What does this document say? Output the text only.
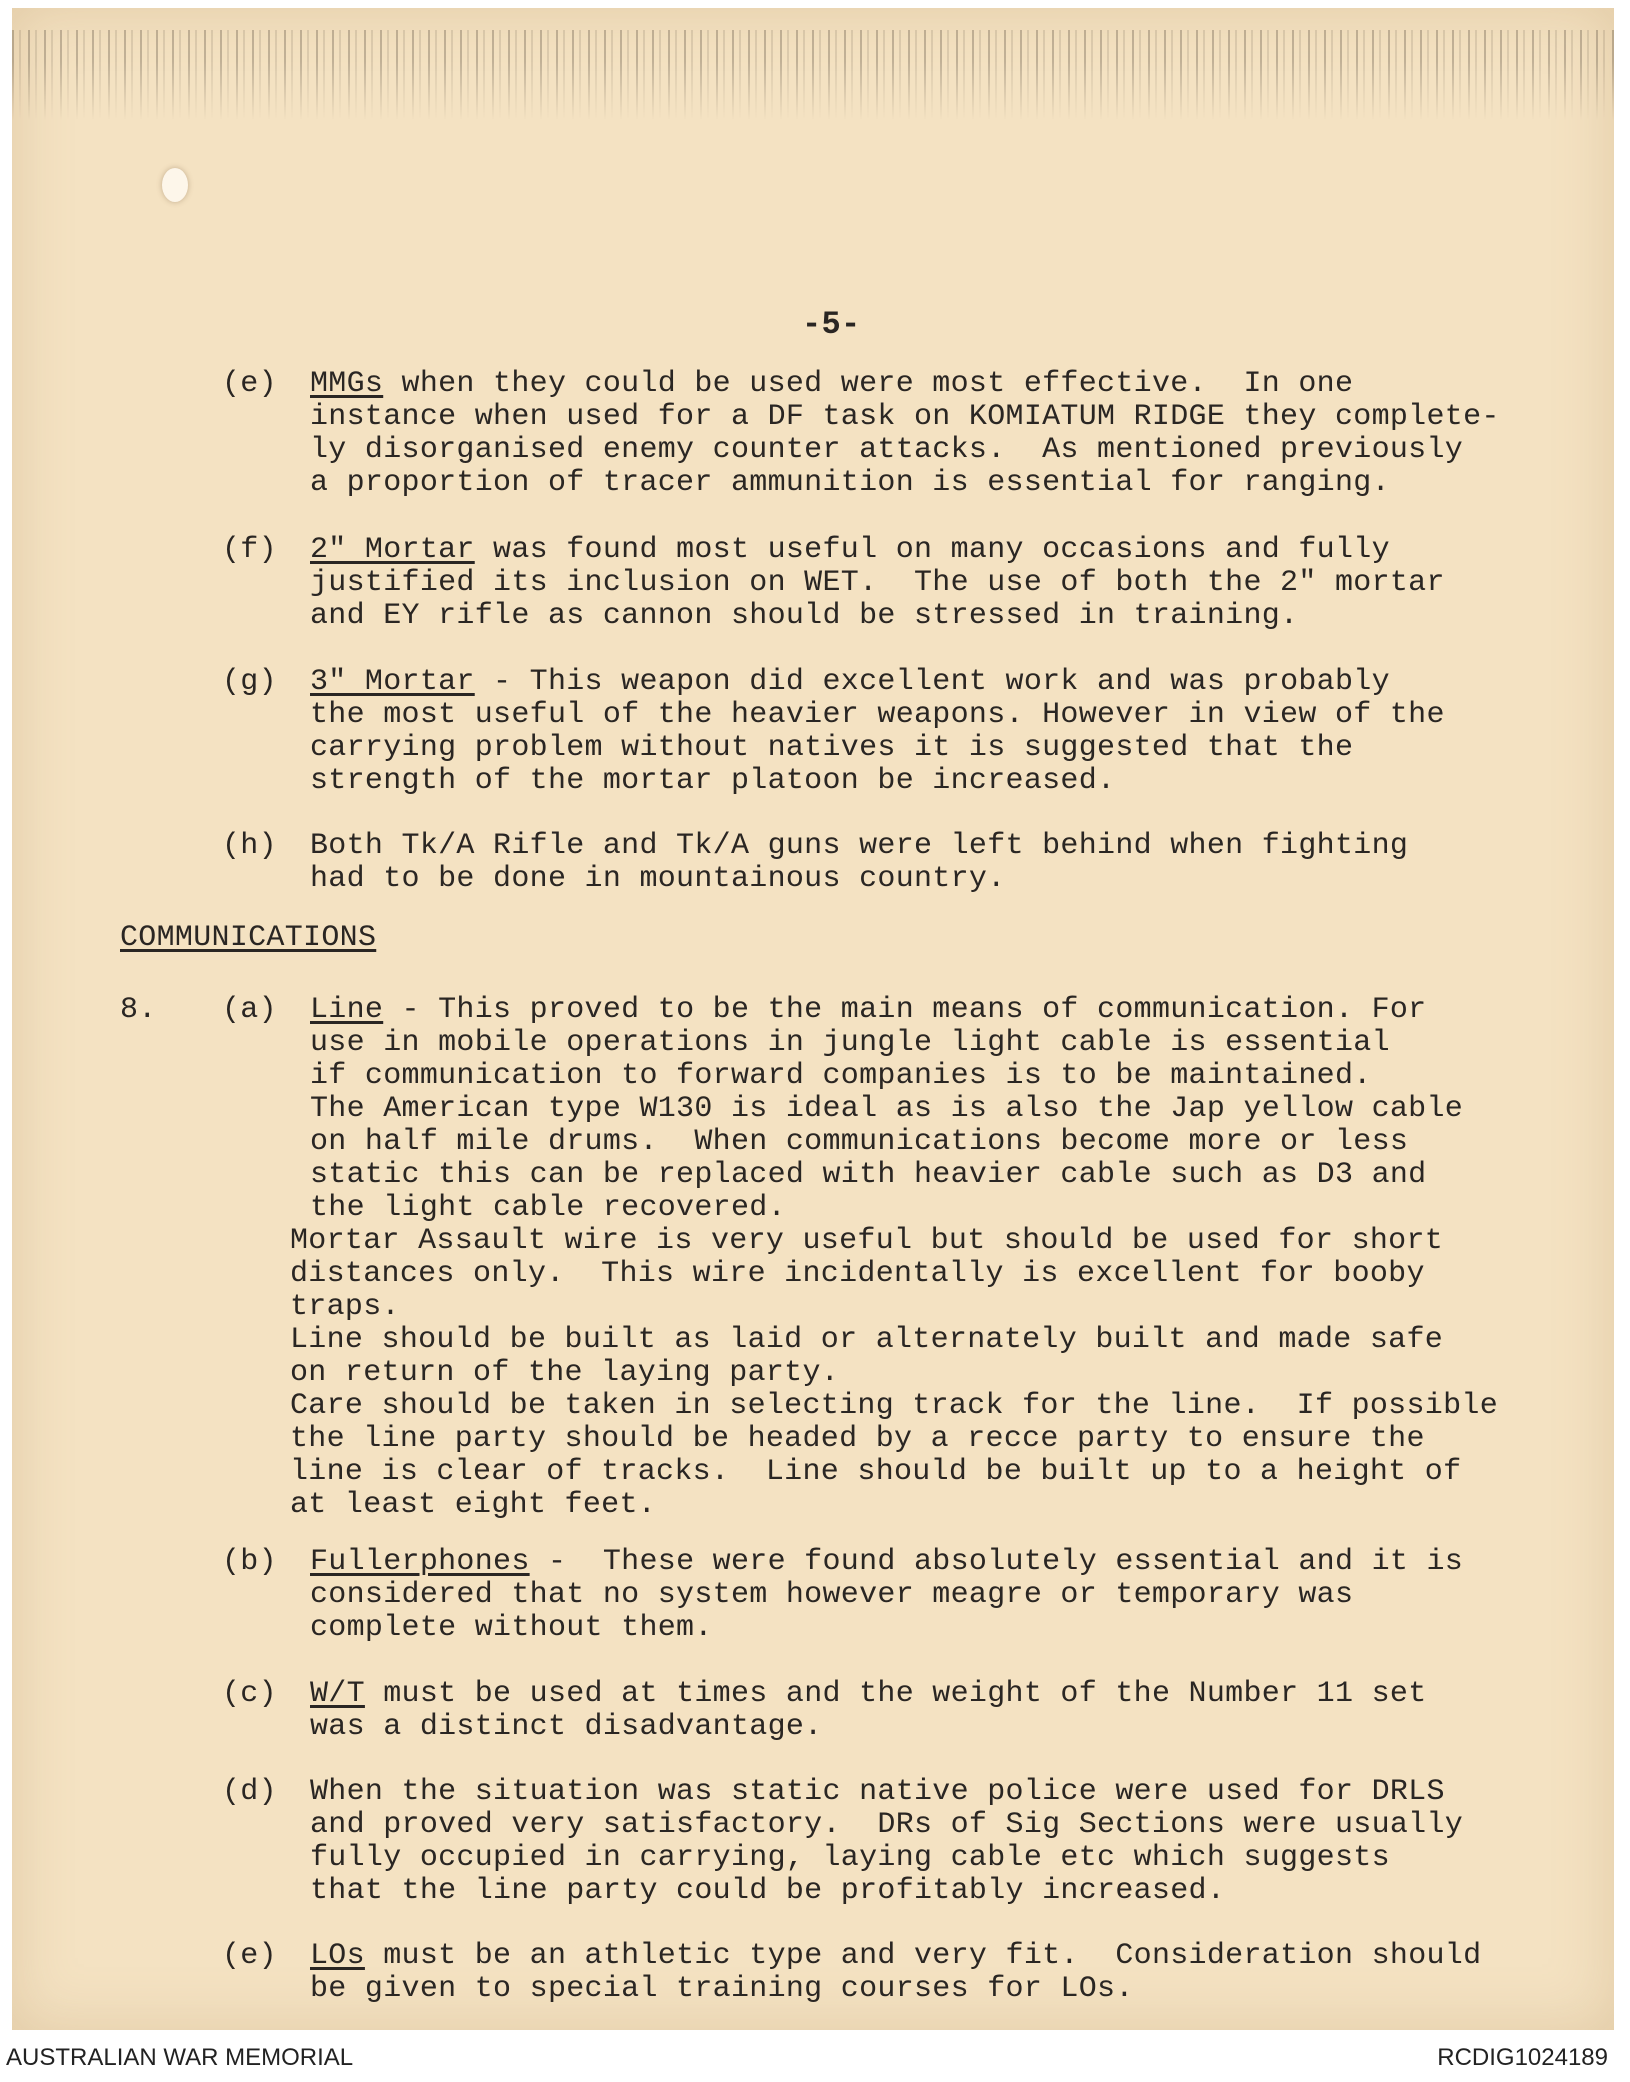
-5-
(e) MMGs when they could be used were most effective.  In one
instance when used for a DF task on KOMIATUM RIDGE they complete-
ly disorganised enemy counter attacks.  As mentioned previously
a proportion of tracer ammunition is essential for ranging.
(f) 2" Mortar was found most useful on many occasions and fully
justified its inclusion on WET.  The use of both the 2" mortar
and EY rifle as cannon should be stressed in training.
(g) 3" Mortar - This weapon did excellent work and was probably
the most useful of the heavier weapons. However in view of the
carrying problem without natives it is suggested that the
strength of the mortar platoon be increased.
(h) Both Tk/A Rifle and Tk/A guns were left behind when fighting
had to be done in mountainous country.
COMMUNICATIONS
8. (a) Line - This proved to be the main means of communication. For
use in mobile operations in jungle light cable is essential
if communication to forward companies is to be maintained.
The American type W130 is ideal as is also the Jap yellow cable
on half mile drums.  When communications become more or less
static this can be replaced with heavier cable such as D3 and
the light cable recovered.
Mortar Assault wire is very useful but should be used for short
distances only.  This wire incidentally is excellent for booby
traps.
Line should be built as laid or alternately built and made safe
on return of the laying party.
Care should be taken in selecting track for the line.  If possible
the line party should be headed by a recce party to ensure the
line is clear of tracks.  Line should be built up to a height of
at least eight feet.
(b) Fullerphones -  These were found absolutely essential and it is
considered that no system however meagre or temporary was
complete without them.
(c) W/T must be used at times and the weight of the Number 11 set
was a distinct disadvantage.
(d) When the situation was static native police were used for DRLS
and proved very satisfactory.  DRs of Sig Sections were usually
fully occupied in carrying, laying cable etc which suggests
that the line party could be profitably increased.
(e) LOs must be an athletic type and very fit.  Consideration should
be given to special training courses for LOs.
AUSTRALIAN WAR MEMORIAL	RCDIG1024189
